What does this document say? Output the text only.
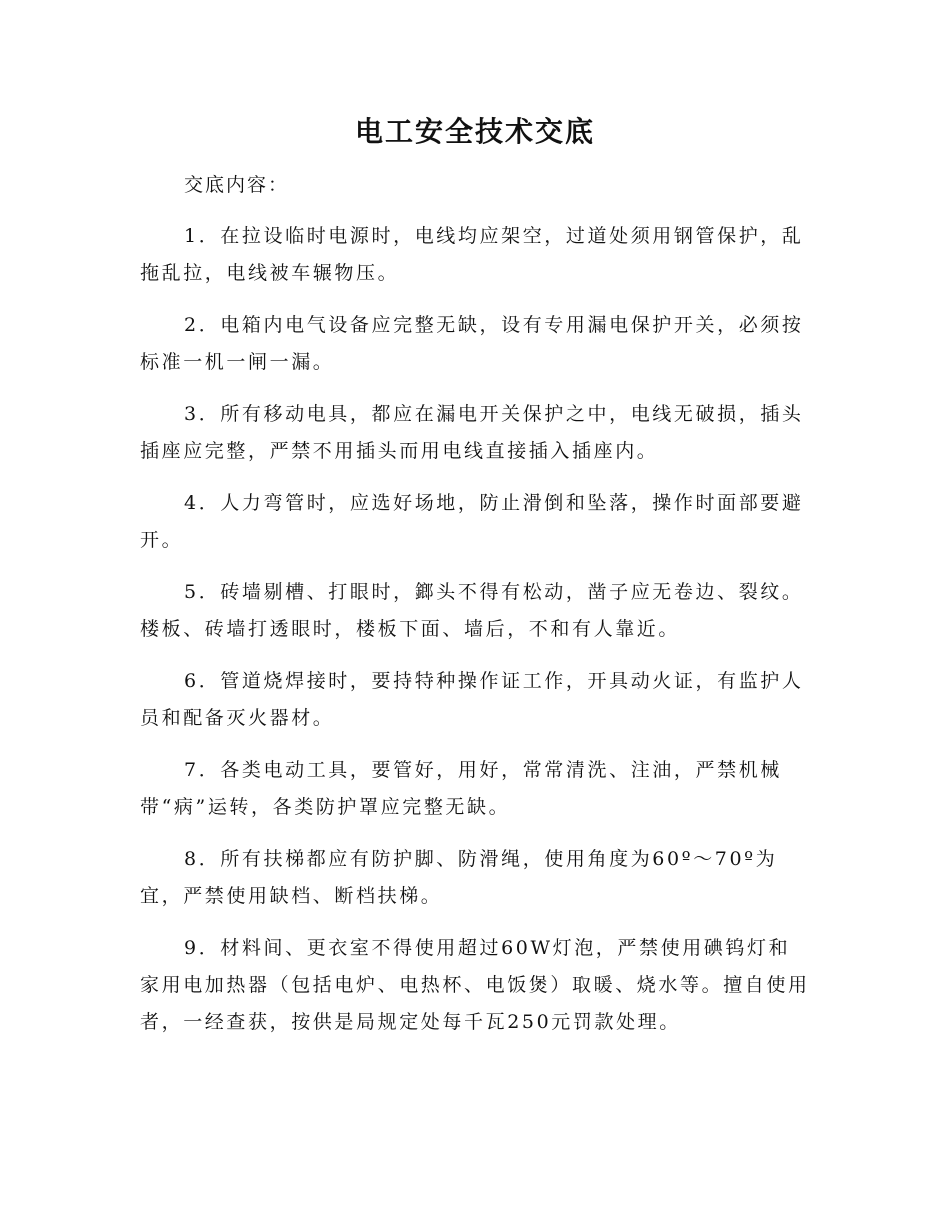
电工安全技术交底
交底内容：

1．在拉设临时电源时，电线均应架空，过道处须用钢管保护，乱拖乱拉，电线被车辗物压。

2．电箱内电气设备应完整无缺，设有专用漏电保护开关，必须按标准一机一闸一漏。

3．所有移动电具，都应在漏电开关保护之中，电线无破损，插头插座应完整，严禁不用插头而用电线直接插入插座内。

4．人力弯管时，应选好场地，防止滑倒和坠落，操作时面部要避开。

5．砖墙剔槽、打眼时，鎯头不得有松动，凿子应无卷边、裂纹。楼板、砖墙打透眼时，楼板下面、墙后，不和有人靠近。

6．管道烧焊接时，要持特种操作证工作，开具动火证，有监护人员和配备灭火器材。

7．各类电动工具，要管好，用好，常常清洗、注油，严禁机械带“病”运转，各类防护罩应完整无缺。

8．所有扶梯都应有防护脚、防滑绳，使用角度为60º～70º为宜，严禁使用缺档、断档扶梯。

9．材料间、更衣室不得使用超过60W灯泡，严禁使用碘钨灯和家用电加热器（包括电炉、电热杯、电饭煲）取暖、烧水等。擅自使用者，一经查获，按供是局规定处每千瓦250元罚款处理。
